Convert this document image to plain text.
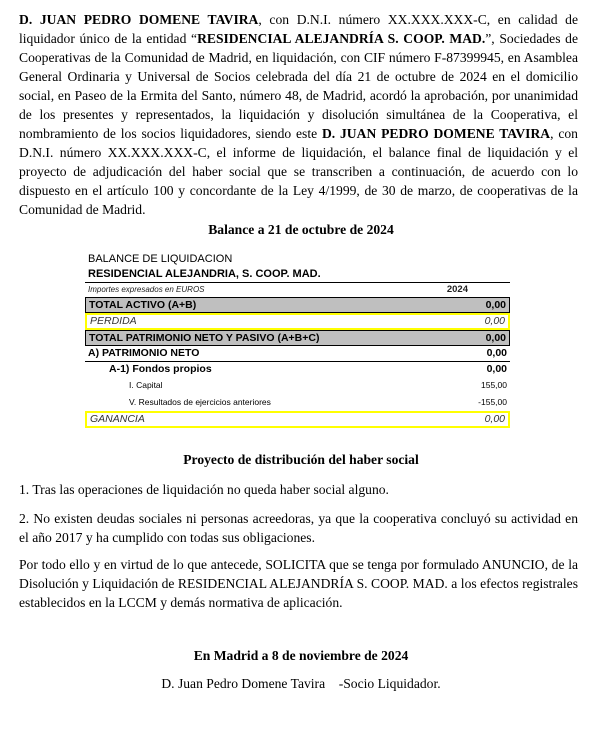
D. JUAN PEDRO DOMENE TAVIRA, con D.N.I. número XX.XXX.XXX-C, en calidad de liquidador único de la entidad “RESIDENCIAL ALEJANDRÍA S. COOP. MAD.”, Sociedades de Cooperativas de la Comunidad de Madrid, en liquidación, con CIF número F-87399945, en Asamblea General Ordinaria y Universal de Socios celebrada del día 21 de octubre de 2024 en el domicilio social, en Paseo de la Ermita del Santo, número 48, de Madrid, acordó la aprobación, por unanimidad de los presentes y representados, la liquidación y disolución simultánea de la Cooperativa, el nombramiento de los socios liquidadores, siendo este D. JUAN PEDRO DOMENE TAVIRA, con D.N.I. número XX.XXX.XXX-C, el informe de liquidación, el balance final de liquidación y el proyecto de adjudicación del haber social que se transcriben a continuación, de acuerdo con lo dispuesto en el artículo 100 y concordante de la Ley 4/1999, de 30 de marzo, de cooperativas de la Comunidad de Madrid.

Balance a 21 de octubre de 2024

BALANCE DE LIQUIDACION
RESIDENCIAL ALEJANDRIA, S. COOP. MAD.
Importes expresados en EUROS	2024
TOTAL ACTIVO (A+B)	0,00
PERDIDA	0,00
TOTAL PATRIMONIO NETO Y PASIVO (A+B+C)	0,00
A) PATRIMONIO NETO	0,00
A-1) Fondos propios	0,00
I. Capital	155,00
V. Resultados de ejercicios anteriores	-155,00
GANANCIA	0,00

Proyecto de distribución del haber social

1. Tras las operaciones de liquidación no queda haber social alguno.

2. No existen deudas sociales ni personas acreedoras, ya que la cooperativa concluyó su actividad en el año 2017 y ha cumplido con todas sus obligaciones.

Por todo ello y en virtud de lo que antecede, SOLICITA que se tenga por formulado ANUNCIO, de la Disolución y Liquidación de RESIDENCIAL ALEJANDRÍA S. COOP. MAD. a los efectos registrales establecidos en la LCCM y demás normativa de aplicación.

En Madrid a 8 de noviembre de 2024

D. Juan Pedro Domene Tavira    -Socio Liquidador.
